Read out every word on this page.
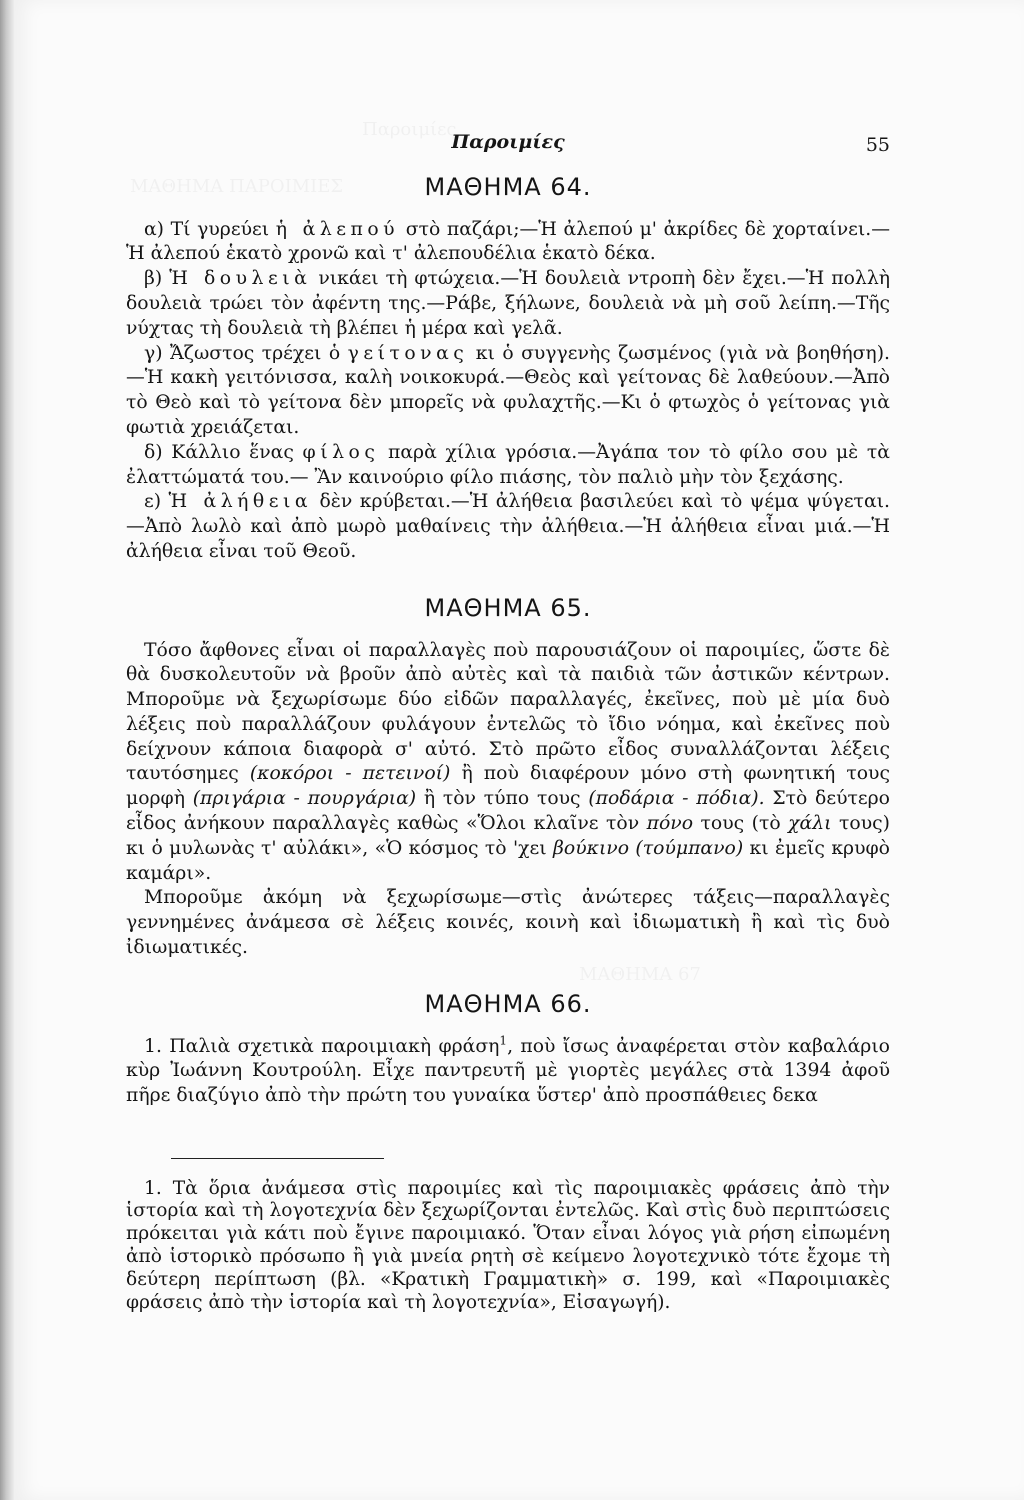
Παροιμίες	55
ΜΑΘΗΜΑ 64.

α) Τί γυρεύει ἡ ἀλεπού στὸ παζάρι;—Ἡ ἀλεπού μ' ἀκρίδες δὲ χορταίνει.—Ἡ ἀλεπού ἑκατὸ χρονῶ καὶ τ' ἀλεπουδέλια ἑκατὸ δέκα.

β) Ἡ δουλειὰ νικάει τὴ φτώχεια.—Ἡ δουλειὰ ντροπὴ δὲν ἔχει.—Ἡ πολλὴ δουλειὰ τρώει τὸν ἀφέντη της.—Ράβε, ξήλωνε, δουλειὰ νὰ μὴ σοῦ λείπη.—Τῆς νύχτας τὴ δουλειὰ τὴ βλέπει ἡ μέρα καὶ γελᾶ.

γ) Ἄζωστος τρέχει ὁ γείτονας κι ὁ συγγενὴς ζωσμένος (γιὰ νὰ βοηθήση).—Ἡ κακὴ γειτόνισσα, καλὴ νοικοκυρά.—Θεὸς καὶ γείτονας δὲ λαθεύουν.—Ἀπὸ τὸ Θεὸ καὶ τὸ γείτονα δὲν μπορεῖς νὰ φυλαχτῆς.—Κι ὁ φτωχὸς ὁ γείτονας γιὰ φωτιὰ χρειάζεται.

δ) Κάλλιο ἕνας φίλος παρὰ χίλια γρόσια.—Ἀγάπα τον τὸ φίλο σου μὲ τὰ ἐλαττώματά του.— Ἂν καινούριο φίλο πιάσης, τὸν παλιὸ μὴν τὸν ξεχάσης.

ε) Ἡ ἀλήθεια δὲν κρύβεται.—Ἡ ἀλήθεια βασιλεύει καὶ τὸ ψέμα ψύγεται.—Ἀπὸ λωλὸ καὶ ἀπὸ μωρὸ μαθαίνεις τὴν ἀλήθεια.—Ἡ ἀλήθεια εἶναι μιά.—Ἡ ἀλήθεια εἶναι τοῦ Θεοῦ.

ΜΑΘΗΜΑ 65.

Τόσο ἄφθονες εἶναι οἱ παραλλαγὲς ποὺ παρουσιάζουν οἱ παροιμίες, ὥστε δὲ θὰ δυσκολευτοῦν νὰ βροῦν ἀπὸ αὐτὲς καὶ τὰ παιδιὰ τῶν ἀστικῶν κέντρων. Μποροῦμε νὰ ξεχωρίσωμε δύο εἰδῶν παραλλαγές, ἐκεῖνες, ποὺ μὲ μία δυὸ λέξεις ποὺ παραλλάζουν φυλάγουν ἐντελῶς τὸ ἴδιο νόημα, καὶ ἐκεῖνες ποὺ δείχνουν κάποια διαφορὰ σ' αὐτό. Στὸ πρῶτο εἶδος συναλλάζονται λέξεις ταυτόσημες (κοκόροι - πετεινοί) ἢ ποὺ διαφέρουν μόνο στὴ φωνητική τους μορφὴ (πριγάρια - πουργάρια) ἢ τὸν τύπο τους (ποδάρια - πόδια). Στὸ δεύτερο εἶδος ἀνήκουν παραλλαγὲς καθὼς «Ὅλοι κλαῖνε τὸν πόνο τους (τὸ χάλι τους) κι ὁ μυλωνὰς τ' αὐλάκι», «Ὁ κόσμος τὸ 'χει βούκινο (τούμπανο) κι ἐμεῖς κρυφὸ καμάρι».

Μποροῦμε ἀκόμη νὰ ξεχωρίσωμε—στὶς ἀνώτερες τάξεις—παραλλαγὲς γεννημένες ἀνάμεσα σὲ λέξεις κοινές, κοινὴ καὶ ἰδιωματικὴ ἢ καὶ τὶς δυὸ ἰδιωματικές.

ΜΑΘΗΜΑ 66.

1. Παλιὰ σχετικὰ παροιμιακὴ φράση$^1$, ποὺ ἴσως ἀναφέρεται στὸν καβαλάριο κὺρ Ἰωάννη Κουτρούλη. Εἶχε παντρευτῆ μὲ γιορτὲς μεγάλες στὰ 1394 ἀφοῦ πῆρε διαζύγιο ἀπὸ τὴν πρώτη του γυναίκα ὕστερ' ἀπὸ προσπάθειες δεκα

1. Τὰ ὅρια ἀνάμεσα στὶς παροιμίες καὶ τὶς παροιμιακὲς φράσεις ἀπὸ τὴν ἱστορία καὶ τὴ λογοτεχνία δὲν ξεχωρίζονται ἐντελῶς. Καὶ στὶς δυὸ περιπτώσεις πρόκειται γιὰ κάτι ποὺ ἔγινε παροιμιακό. Ὅταν εἶναι λόγος γιὰ ρήση εἰπωμένη ἀπὸ ἱστορικὸ πρόσωπο ἢ γιὰ μνεία ρητὴ σὲ κείμενο λογοτεχνικὸ τότε ἔχομε τὴ δεύτερη περίπτωση (βλ. «Κρατικὴ Γραμματικὴ» σ. 199, καὶ «Παροιμιακὲς φράσεις ἀπὸ τὴν ἱστορία καὶ τὴ λογοτεχνία», Εἰσαγωγή).
